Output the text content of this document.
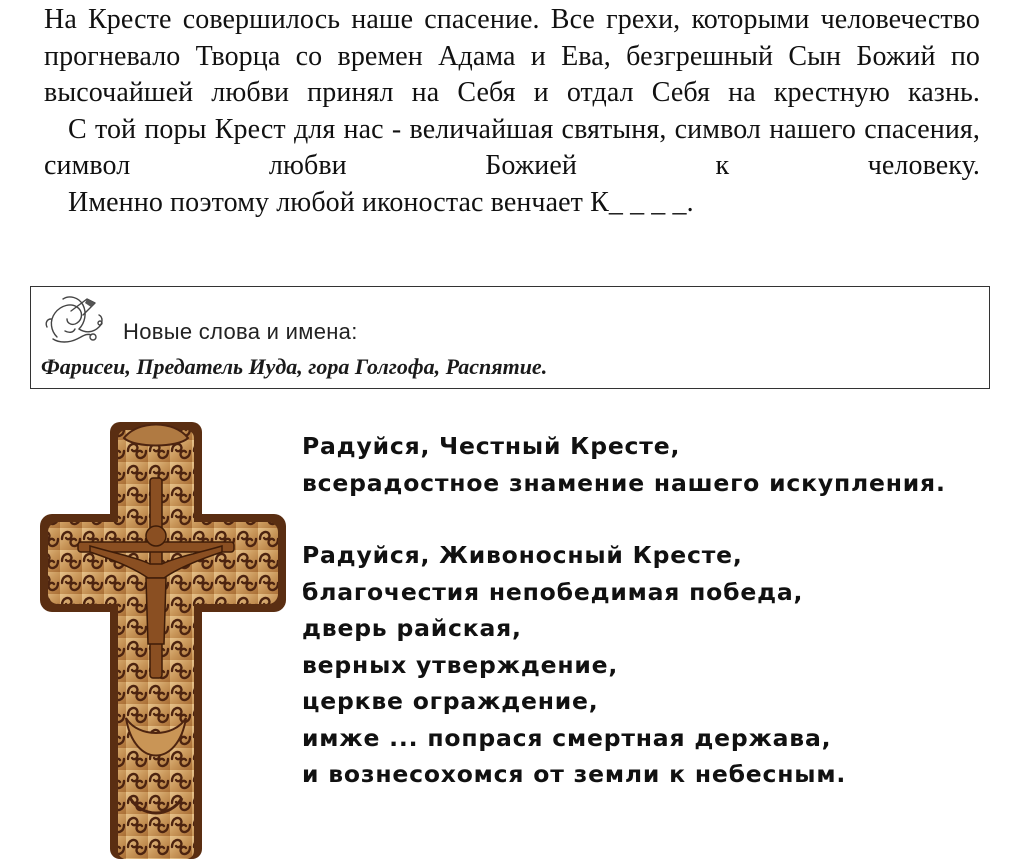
На Кресте совершилось наше спасение. Все грехи, которыми человечество прогневало Творца со времен Адама и Ева, безгрешный Сын Божий по высочайшей любви принял на Себя и отдал Себя на крестную казнь.

С той поры Крест для нас - величайшая святыня, символ нашего спасения, символ любви Божией к человеку.

Именно поэтому любой иконостас венчает К_ _ _ _.

Новые слова и имена:
Фарисеи, Предатель Иуда, гора Голгофа, Распятие.
Радуйся, Честный Кресте,
всерадостное знамение нашего искупления.
Радуйся, Живоносный Кресте,
благочестия непобедимая победа,
дверь райская,
верных утверждение,
церкве ограждение,
имже ... попрася смертная держава,
и вознесохомся от земли к небесным.
